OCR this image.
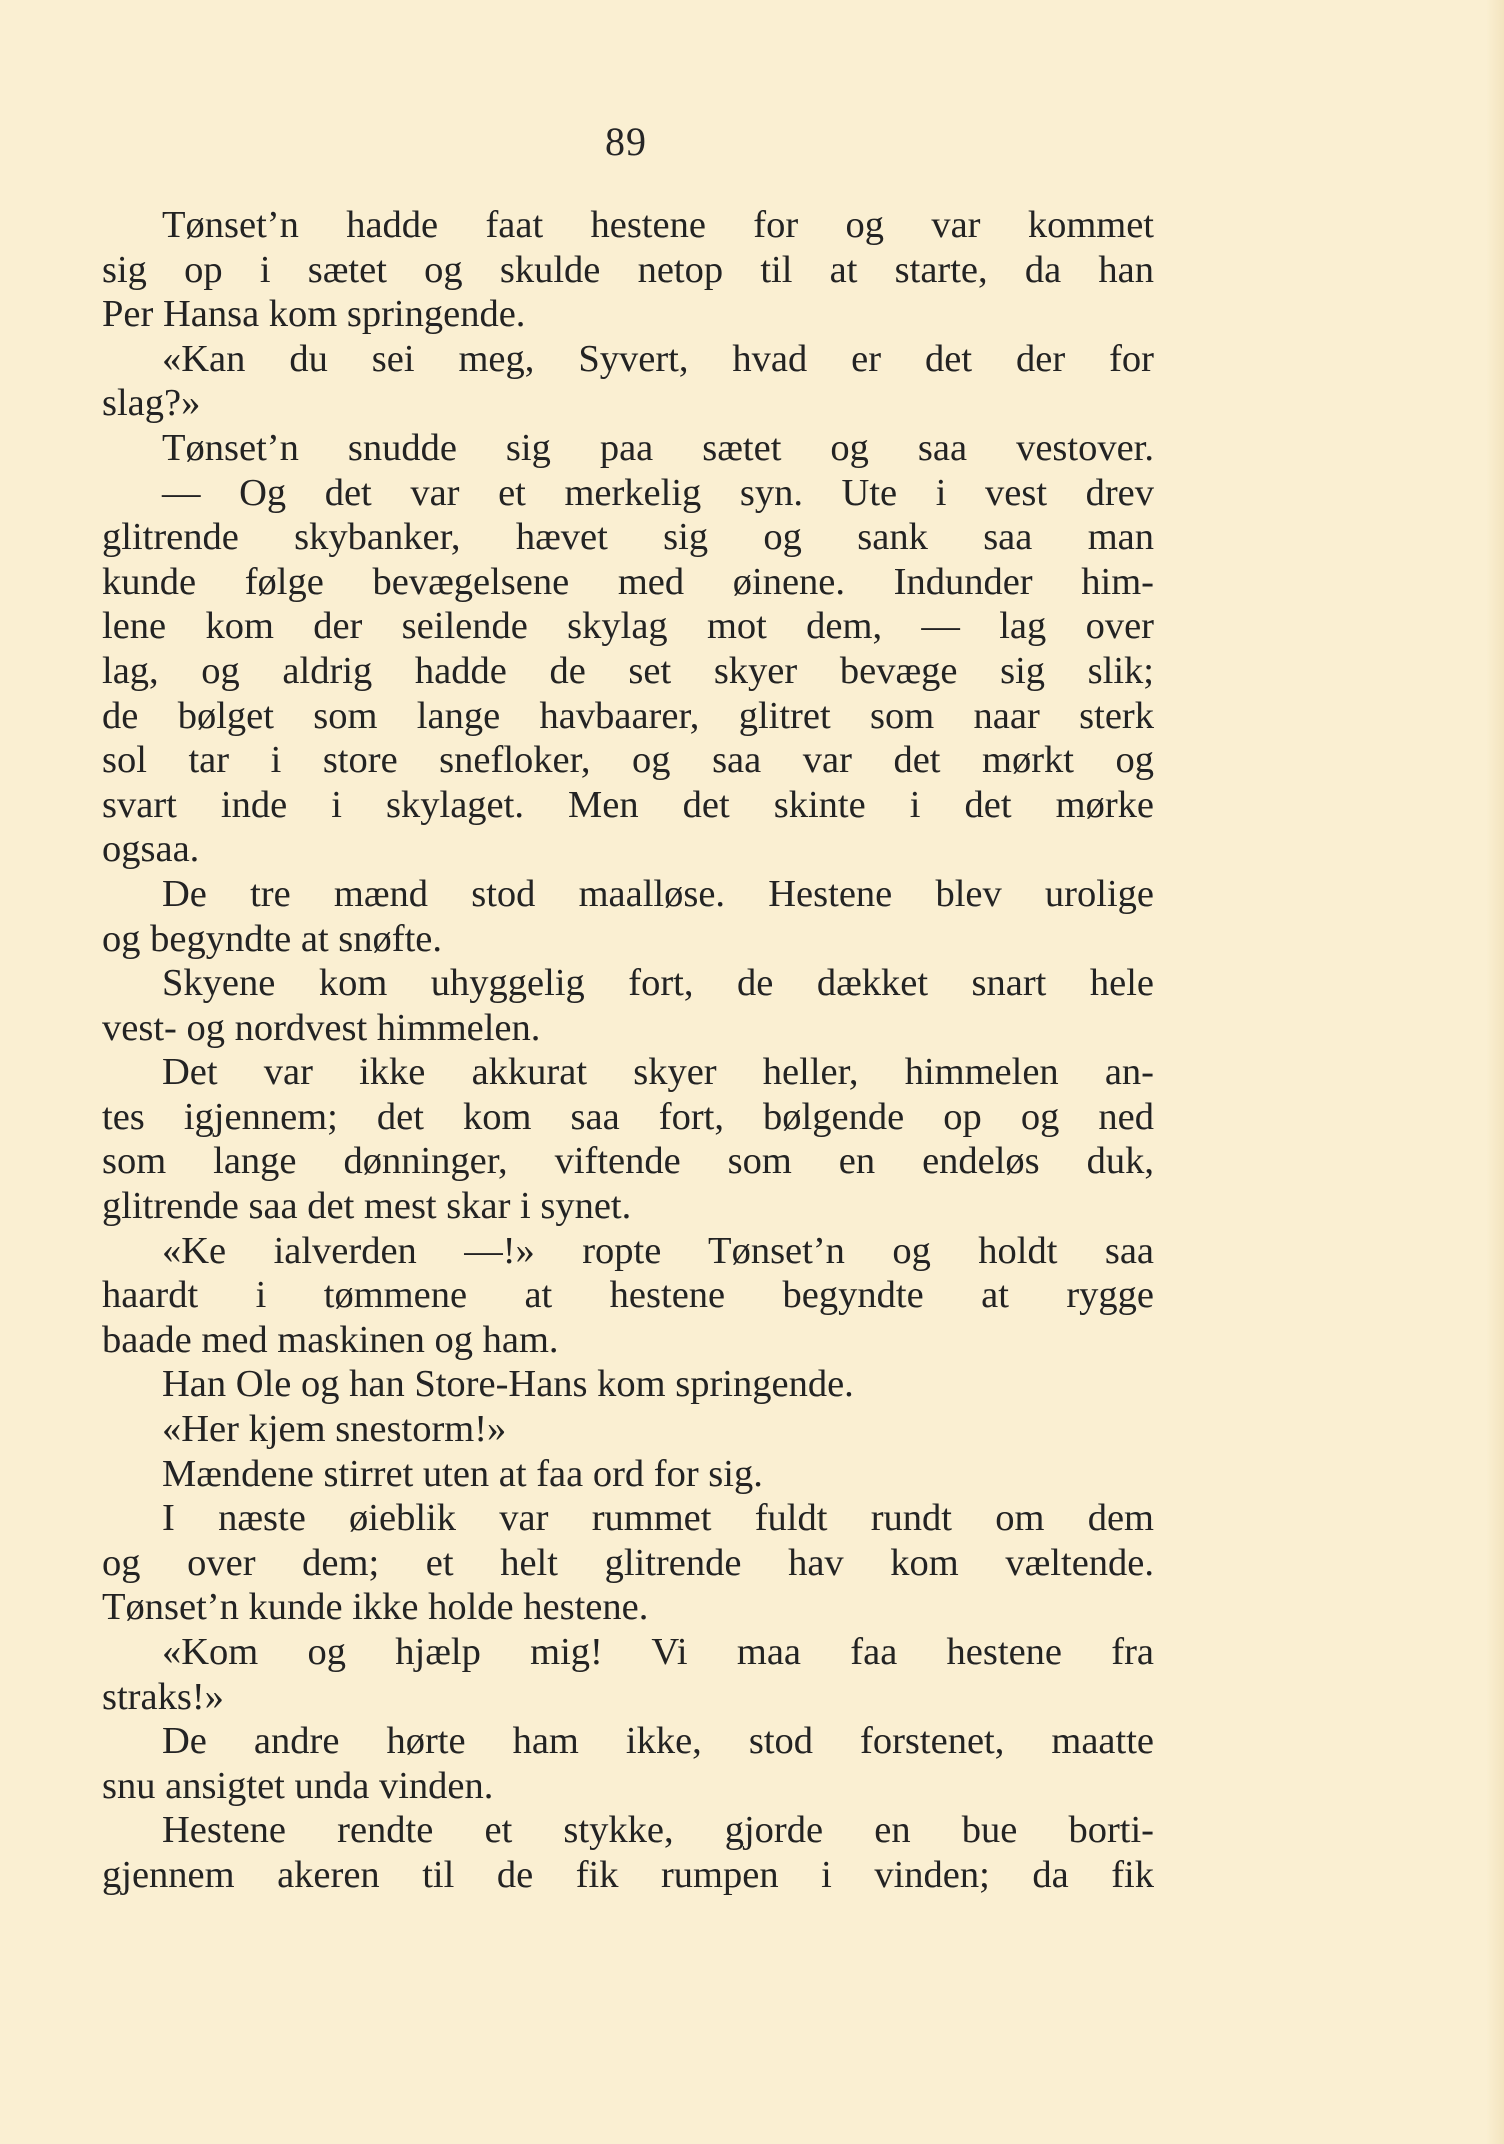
89
Tønset’n hadde faat hestene for og var kommet
sig op i sætet og skulde netop til at starte, da han
Per Hansa kom springende.
«Kan du sei meg, Syvert, hvad er det der for
slag?»
Tønset’n snudde sig paa sætet og saa vestover.
— Og det var et merkelig syn. Ute i vest drev
glitrende skybanker, hævet sig og sank saa man
kunde følge bevægelsene med øinene. Indunder him-
lene kom der seilende skylag mot dem, — lag over
lag, og aldrig hadde de set skyer bevæge sig slik;
de bølget som lange havbaarer, glitret som naar sterk
sol tar i store snefloker, og saa var det mørkt og
svart inde i skylaget. Men det skinte i det mørke
ogsaa.
De tre mænd stod maalløse. Hestene blev urolige
og begyndte at snøfte.
Skyene kom uhyggelig fort, de dækket snart hele
vest- og nordvest himmelen.
Det var ikke akkurat skyer heller, himmelen an-
tes igjennem; det kom saa fort, bølgende op og ned
som lange dønninger, viftende som en endeløs duk,
glitrende saa det mest skar i synet.
«Ke ialverden —!» ropte Tønset’n og holdt saa
haardt i tømmene at hestene begyndte at rygge
baade med maskinen og ham.
Han Ole og han Store-Hans kom springende.
«Her kjem snestorm!»
Mændene stirret uten at faa ord for sig.
I næste øieblik var rummet fuldt rundt om dem
og over dem; et helt glitrende hav kom væltende.
Tønset’n kunde ikke holde hestene.
«Kom og hjælp mig! Vi maa faa hestene fra
straks!»
De andre hørte ham ikke, stod forstenet, maatte
snu ansigtet unda vinden.
Hestene rendte et stykke, gjorde en bue borti-
gjennem akeren til de fik rumpen i vinden; da fik
